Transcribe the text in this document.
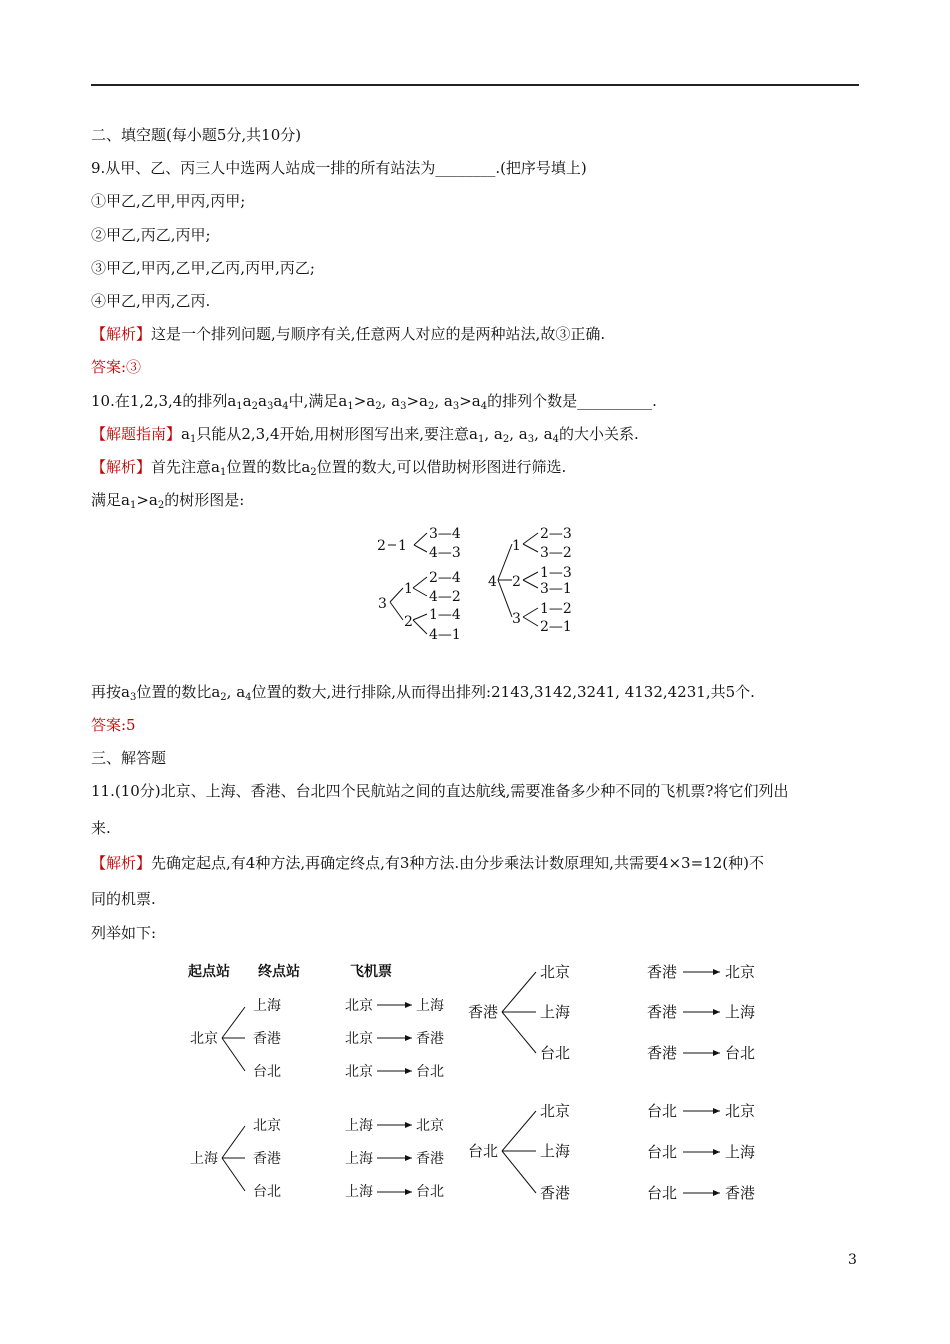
二、填空题(每小题5分,共10分)
9.从甲、乙、丙三人中选两人站成一排的所有站法为________.(把序号填上)
①甲乙,乙甲,甲丙,丙甲;
②甲乙,丙乙,丙甲;
③甲乙,甲丙,乙甲,乙丙,丙甲,丙乙;
④甲乙,甲丙,乙丙.
【解析】这是一个排列问题,与顺序有关,任意两人对应的是两种站法,故③正确.
答案:③
10.在1,2,3,4的排列$a_1a_2a_3a_4$中,满足$a_1>a_2$, $a_3>a_2$, $a_3>a_4$的排列个数是__________.
【解题指南】$a_1$只能从2,3,4开始,用树形图写出来,要注意$a_1$, $a_2$, $a_3$, $a_4$的大小关系.
【解析】首先注意$a_1$位置的数比$a_2$位置的数大,可以借助树形图进行筛选.
满足$a_1>a_2$的树形图是:
2 1
3—4
4—3
3
1
2
2—4
4—2
1—4
4—1
4
1
2
3
2—3
3—2
1—3
3—1
1—2
2—1
再按$a_3$位置的数比$a_2$, $a_4$位置的数大,进行排除,从而得出排列:2143,3142,3241, 4132,4231,共5个.
答案:5
三、解答题
11.(10分)北京、上海、香港、台北四个民航站之间的直达航线,需要准备多少种不同的飞机票?将它们列出
来.
【解析】先确定起点,有4种方法,再确定终点,有3种方法.由分步乘法计数原理知,共需要4×3=12(种)不
同的机票.
列举如下:
起点站 终点站	飞机票
北京
上海
香港
台北
北京	上海
北京	香港
北京	台北
上海
北京
香港
台北
上海	北京
上海	香港
上海	台北
香港
北京
上海
台北
香港	北京
香港	上海
香港	台北
台北
北京
上海
香港
台北	北京
台北	上海
台北	香港
3
